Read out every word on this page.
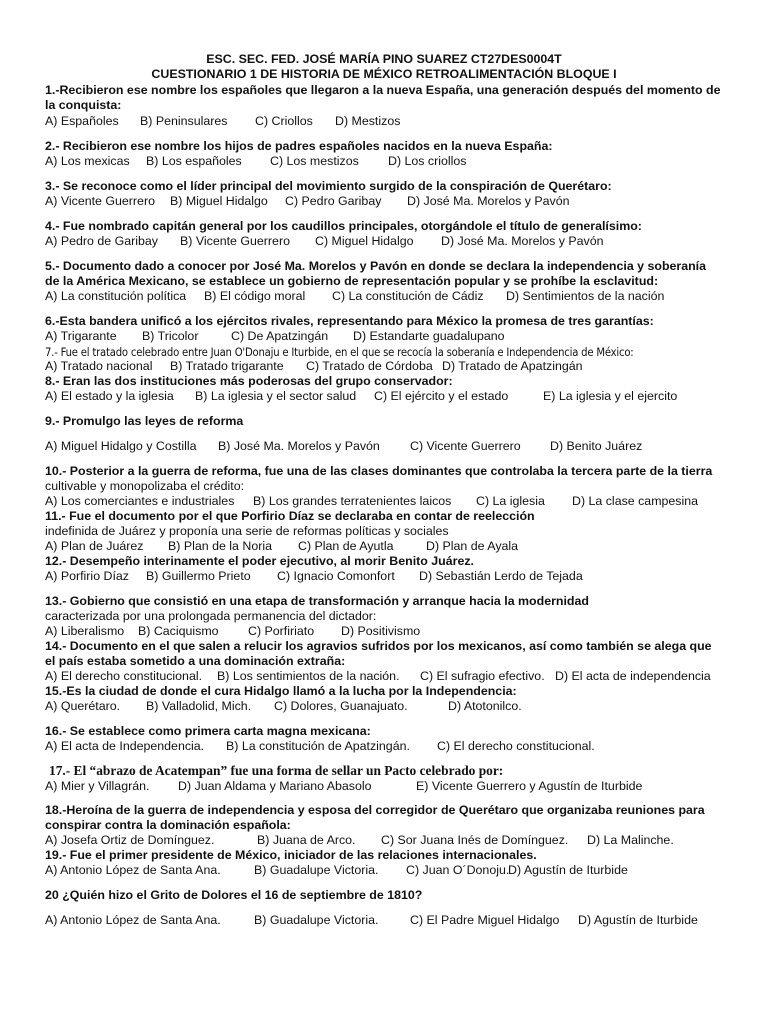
ESC. SEC. FED. JOSÉ MARÍA PINO SUAREZ CT27DES0004T
CUESTIONARIO 1 DE HISTORIA DE MÉXICO RETROALIMENTACIÓN BLOQUE I
1.-Recibieron ese nombre los españoles que llegaron a la nueva España, una generación después del momento de
la conquista:
A) Españoles B) Peninsulares C) Criollos D) Mestizos
2.- Recibieron ese nombre los hijos de padres españoles nacidos en la nueva España:
A) Los mexicas B) Los españoles C) Los mestizos D) Los criollos
3.- Se reconoce como el líder principal del movimiento surgido de la conspiración de Querétaro:
A) Vicente Guerrero B) Miguel Hidalgo C) Pedro Garibay D) José Ma. Morelos y Pavón
4.- Fue nombrado capitán general por los caudillos principales, otorgándole el título de generalísimo:
A) Pedro de Garibay B) Vicente Guerrero C) Miguel Hidalgo D) José Ma. Morelos y Pavón
5.- Documento dado a conocer por José Ma. Morelos y Pavón en donde se declara la independencia y soberanía
de la América Mexicano, se establece un gobierno de representación popular y se prohíbe la esclavitud:
A) La constitución política B) El código moral C) La constitución de Cádiz D) Sentimientos de la nación
6.-Esta bandera unificó a los ejércitos rivales, representando para México la promesa de tres garantías:
A) Trigarante B) Tricolor	C) De Apatzingán D) Estandarte guadalupano
7.- Fue el tratado celebrado entre Juan O'Donaju e Iturbide, en el que se recocía la soberanía e Independencia de México:
A) Tratado nacional B) Tratado trigarante C) Tratado de Córdoba D) Tratado de Apatzingán
8.- Eran las dos instituciones más poderosas del grupo conservador:
A) El estado y la iglesia B) La iglesia y el sector salud C) El ejército y el estado	E) La iglesia y el ejercito
9.- Promulgo las leyes de reforma
A) Miguel Hidalgo y Costilla B) José Ma. Morelos y Pavón C) Vicente Guerrero D) Benito Juárez
10.- Posterior a la guerra de reforma, fue una de las clases dominantes que controlaba la tercera parte de la tierra
cultivable y monopolizaba el crédito:
A) Los comerciantes e industriales B) Los grandes terratenientes laicos C) La iglesia D) La clase campesina
11.- Fue el documento por el que Porfirio Díaz se declaraba en contar de reelección
indefinida de Juárez y proponía una serie de reformas políticas y sociales
A) Plan de Juárez B) Plan de la Noria C) Plan de Ayutla	D) Plan de Ayala
12.- Desempeño interinamente el poder ejecutivo, al morir Benito Juárez.
A) Porfirio Díaz B) Guillermo Prieto C) Ignacio Comonfort D) Sebastián Lerdo de Tejada
13.- Gobierno que consistió en una etapa de transformación y arranque hacia la modernidad
caracterizada por una prolongada permanencia del dictador:
A) Liberalismo B) Caciquismo C) Porfiriato D) Positivismo
14.- Documento en el que salen a relucir los agravios sufridos por los mexicanos, así como también se alega que
el país estaba sometido a una dominación extraña:
A) El derecho constitucional. B) Los sentimientos de la nación. C) El sufragio efectivo. D) El acta de independencia
15.-Es la ciudad de donde el cura Hidalgo llamó a la lucha por la Independencia:
A) Querétaro. B) Valladolid, Mich. C) Dolores, Guanajuato.	D) Atotonilco.
16.- Se establece como primera carta magna mexicana:
A) El acta de Independencia. B) La constitución de Apatzingán. C) El derecho constitucional.
17.- El “abrazo de Acatempan” fue una forma de sellar un Pacto celebrado por:
A) Mier y Villagrán. D) Juan Aldama y Mariano Abasolo	E) Vicente Guerrero y Agustín de Iturbide
18.-Heroína de la guerra de independencia y esposa del corregidor de Querétaro que organizaba reuniones para
conspirar contra la dominación española:
A) Josefa Ortiz de Domínguez.	B) Juana de Arco. C) Sor Juana Inés de Domínguez. D) La Malinche.
19.- Fue el primer presidente de México, iniciador de las relaciones internacionales.
A) Antonio López de Santa Ana.	B) Guadalupe Victoria. C) Juan O´Donoju.D) Agustín de Iturbide
20 ¿Quién hizo el Grito de Dolores el 16 de septiembre de 1810?
A) Antonio López de Santa Ana.	B) Guadalupe Victoria.	C) El Padre Miguel Hidalgo D) Agustín de Iturbide
